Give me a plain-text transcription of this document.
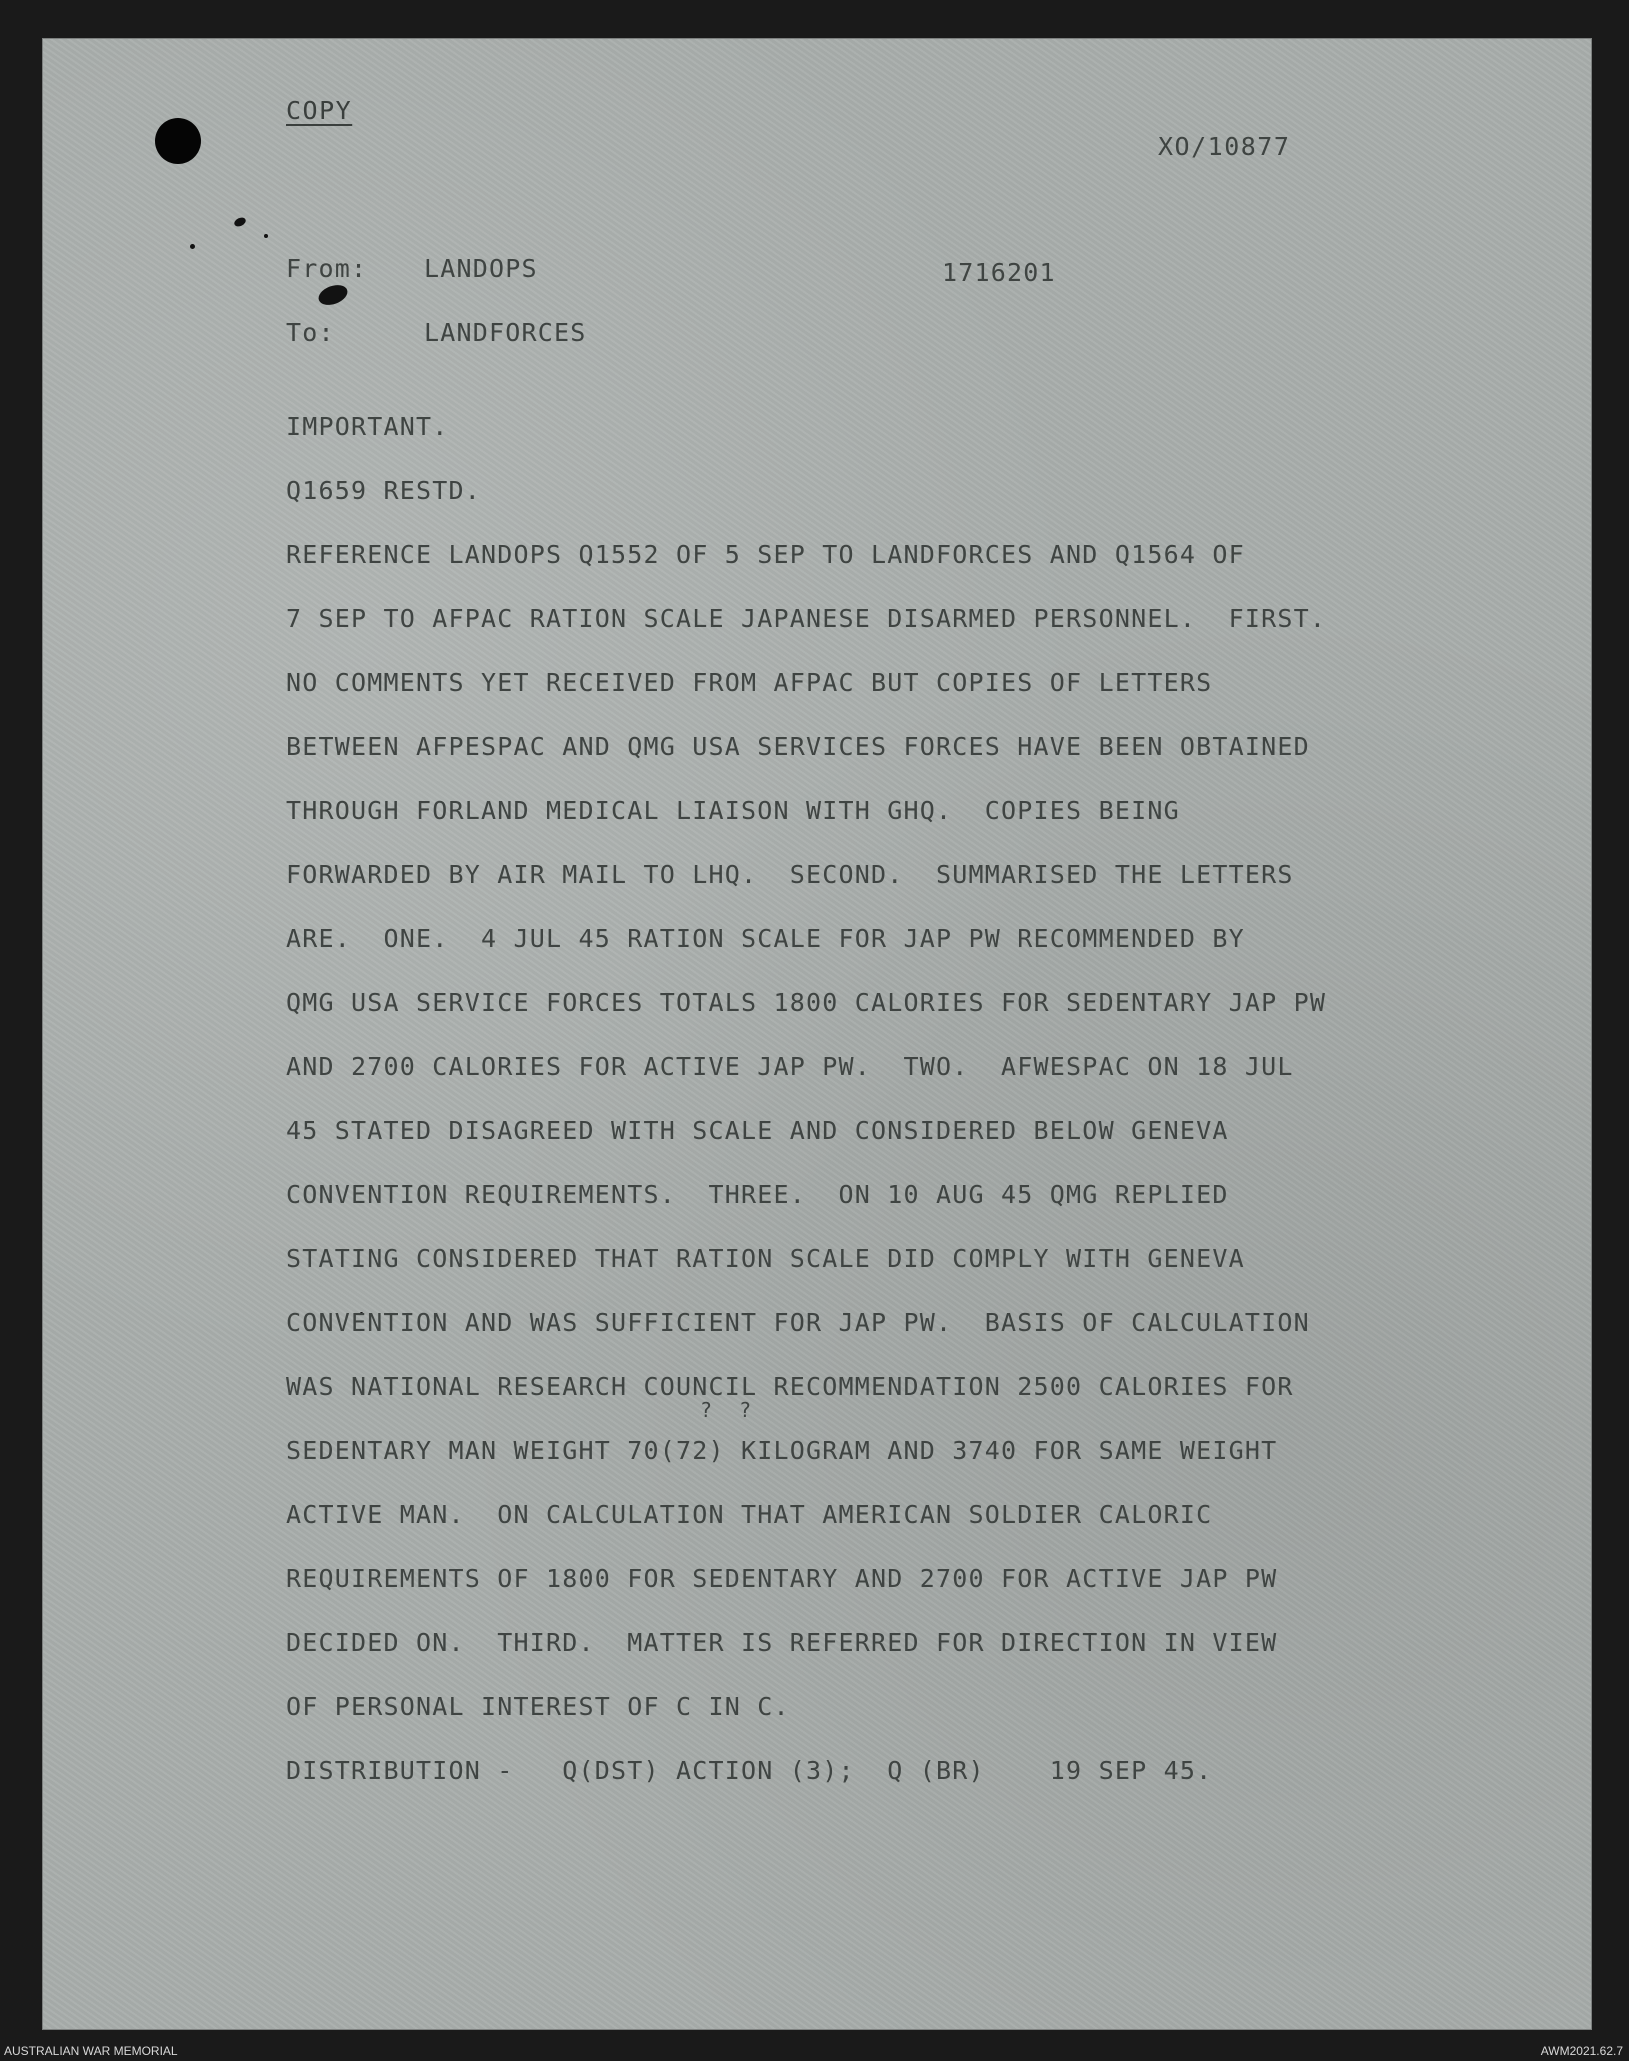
COPY
XO/10877
From: LANDOPS	1716201
To:	LANDFORCES
IMPORTANT.
Q1659 RESTD.
REFERENCE LANDOPS Q1552 OF 5 SEP TO LANDFORCES AND Q1564 OF
7 SEP TO AFPAC RATION SCALE JAPANESE DISARMED PERSONNEL.  FIRST.
NO COMMENTS YET RECEIVED FROM AFPAC BUT COPIES OF LETTERS
BETWEEN AFPESPAC AND QMG USA SERVICES FORCES HAVE BEEN OBTAINED
THROUGH FORLAND MEDICAL LIAISON WITH GHQ.  COPIES BEING
FORWARDED BY AIR MAIL TO LHQ.  SECOND.  SUMMARISED THE LETTERS
ARE.  ONE.  4 JUL 45 RATION SCALE FOR JAP PW RECOMMENDED BY
QMG USA SERVICE FORCES TOTALS 1800 CALORIES FOR SEDENTARY JAP PW
AND 2700 CALORIES FOR ACTIVE JAP PW.  TWO.  AFWESPAC ON 18 JUL
45 STATED DISAGREED WITH SCALE AND CONSIDERED BELOW GENEVA
CONVENTION REQUIREMENTS.  THREE.  ON 10 AUG 45 QMG REPLIED
STATING CONSIDERED THAT RATION SCALE DID COMPLY WITH GENEVA
CONVENTION AND WAS SUFFICIENT FOR JAP PW.  BASIS OF CALCULATION
WAS NATIONAL RESEARCH COUNCIL RECOMMENDATION 2500 CALORIES FOR
?  ?
SEDENTARY MAN WEIGHT 70(72) KILOGRAM AND 3740 FOR SAME WEIGHT
ACTIVE MAN.  ON CALCULATION THAT AMERICAN SOLDIER CALORIC
REQUIREMENTS OF 1800 FOR SEDENTARY AND 2700 FOR ACTIVE JAP PW
DECIDED ON.  THIRD.  MATTER IS REFERRED FOR DIRECTION IN VIEW
OF PERSONAL INTEREST OF C IN C.
DISTRIBUTION -   Q(DST) ACTION (3);  Q (BR)    19 SEP 45.
AUSTRALIAN WAR MEMORIAL	AWM2021.62.7
